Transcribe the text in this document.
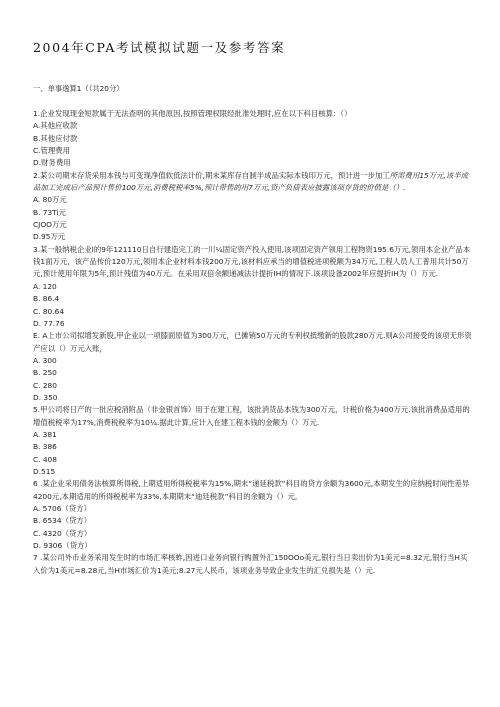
2004年CPA考试模拟试题一及参考答案
一、单事逸算1（（共20分）
1.企业发现现金短款属于无法查明的其他原因,按照管理权限经批准处理时,应在以下科目核算：（）
A.其他应收款
B.其他应付款
C.管理费用
D.财务费用
2.某公司期末存货采用本钱与可变现净值软低法计价,期末某库存自制半成品实际本钱印万元，预计进一步加工所需费用15万元,该半成品加工完成后产品预计售价100万元,消费税税率5%,预计带售的用7万元,资产负债表应披露该项存货的价值是（）.
A. 80万元
B. 73Ti元
CJOO万元
D.95万元
3.某一般纳税企业l的9年121110日自行建造完工的一川¼固定资产投入使用,该项固定资产领用工程物资195.6万元,领用本企业产品本钱1面万元，该产品传价120万元,领用本企业材料本钱200万元,该材料应承当的增值税进项税额为34万元,工程人员人工普用共计50万元,预计使用年限为5年,预计残值为40万元。在采用双倍余额递减法计提折IH的情况下.该项设备2002年应提折IH为（）万元.
A. 120
B. 86.4
C. 80.64
D. 77.76
E. A上市公司拟增发新股,甲企业以一项膝面原值为300万元，已摊销50万元的专利权抵缴新的股款280万元.则A公司接受的该项无形资产应以（）万元入账，
A. 300
B. 250
C. 280
D. 350
5.甲公司将日产的一批应税消附品（非金银首饰）用于在建工程，该批消货品本钱为300万元，计税价格为400万元.该批消费品适用的增值税税率为17%,消费税税率为10¼.据此计算,应计入在建工程本钱的金额为（）万元.
A. 381
B. 386
C. 408
D.515
6 .某企业采用债务法核算所得税,上期适用所得税税率为15%,期末“递延税款”科目的贷方余额为3600元,本期发生的应纳税时间性差异4200元,本期适用的所得税税率为33%,本期期末“迪廷税款”科目的余额为（）元,
A. 5706（贷方）
B. 6534（贷方）
C. 4320（贷方）
D. 9306（贷方）
7 .某公司外币业务采用发生时的市场汇率核蚱,因进口业务向银行购置外汇150OOo美元,银行当日卖出价为1美元=8.32元,银行当H买入价为1美元=8.28元,当H市场汇价为1美元;8.27元人民币，该项业务导致企业发生的汇兑损失是（）元.
